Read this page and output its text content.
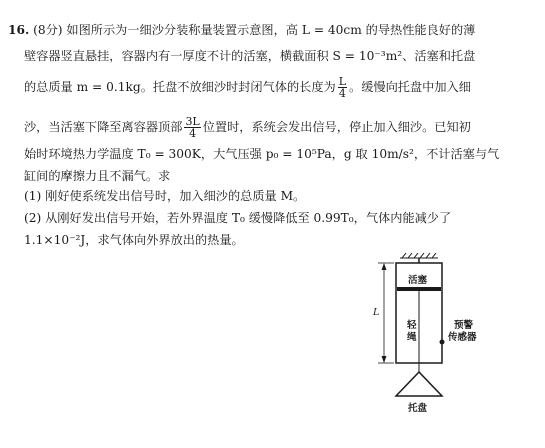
16. (8分) 如图所示为一细沙分装称量装置示意图，高 L = 40cm 的导热性能良好的薄
壁容器竖直悬挂，容器内有一厚度不计的活塞，横截面积 S = 10⁻³m²、活塞和托盘
的总质量 m = 0.1kg。托盘不放细沙时封闭气体的长度为 $\frac{L}{4}$ 。缓慢向托盘中加入细
沙，当活塞下降至离容器顶部 $\frac{3L}{4}$ 位置时，系统会发出信号，停止加入细沙。已知初
始时环境热力学温度 T₀ = 300K，大气压强 p₀ = 10⁵Pa，g 取 10m/s²，不计活塞与气
缸间的摩擦力且不漏气。求
(1) 刚好使系统发出信号时，加入细沙的总质量 M。
(2) 从刚好发出信号开始，若外界温度 T₀ 缓慢降低至 0.99T₀，气体内能减少了
1.1×10⁻²J，求气体向外界放出的热量。
活塞
L
轻
绳
预警
传感器
托盘
